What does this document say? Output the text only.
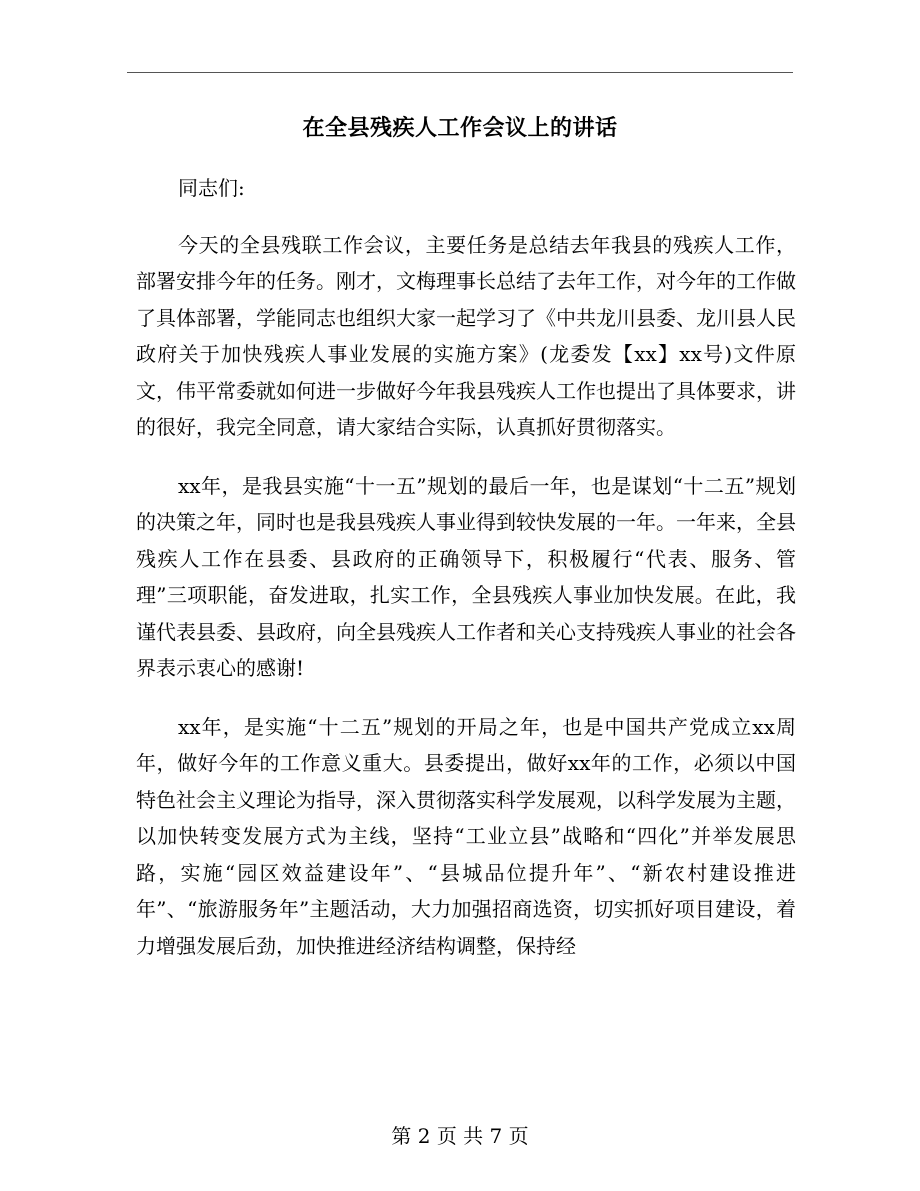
在全县残疾人工作会议上的讲话

同志们:

今天的全县残联工作会议，主要任务是总结去年我县的残疾人工作，部署安排今年的任务。刚才，文梅理事长总结了去年工作，对今年的工作做了具体部署，学能同志也组织大家一起学习了《中共龙川县委、龙川县人民政府关于加快残疾人事业发展的实施方案》(龙委发【xx】xx号)文件原文，伟平常委就如何进一步做好今年我县残疾人工作也提出了具体要求，讲的很好，我完全同意，请大家结合实际，认真抓好贯彻落实。

xx年，是我县实施“十一五”规划的最后一年，也是谋划“十二五”规划的决策之年，同时也是我县残疾人事业得到较快发展的一年。一年来，全县残疾人工作在县委、县政府的正确领导下，积极履行“代表、服务、管理”三项职能，奋发进取，扎实工作，全县残疾人事业加快发展。在此，我谨代表县委、县政府，向全县残疾人工作者和关心支持残疾人事业的社会各界表示衷心的感谢!

xx年，是实施“十二五”规划的开局之年，也是中国共产党成立xx周年，做好今年的工作意义重大。县委提出，做好xx年的工作，必须以中国特色社会主义理论为指导，深入贯彻落实科学发展观，以科学发展为主题，以加快转变发展方式为主线，坚持“工业立县”战略和“四化”并举发展思路，实施“园区效益建设年”、“县城品位提升年”、“新农村建设推进年”、“旅游服务年”主题活动，大力加强招商选资，切实抓好项目建设，着力增强发展后劲，加快推进经济结构调整，保持经

第 2 页 共 7 页
